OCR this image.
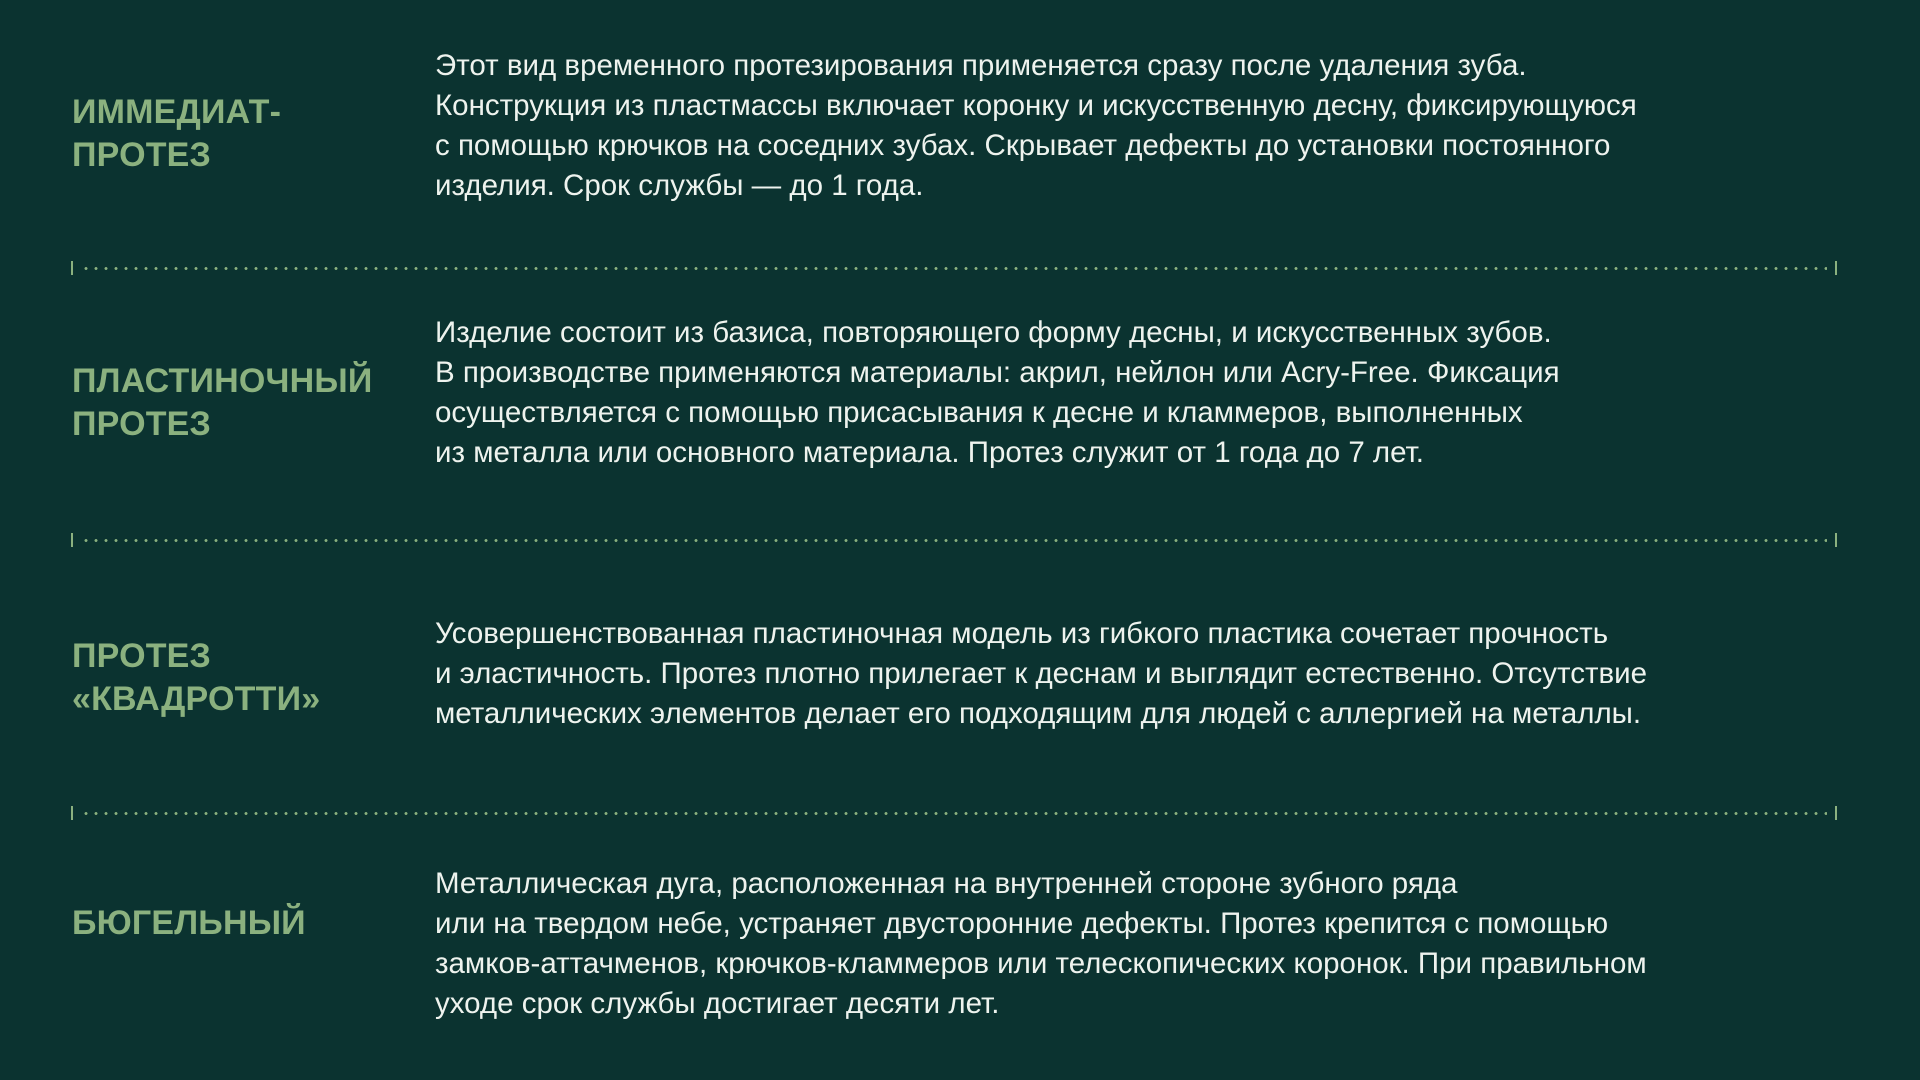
ИММЕДИАТ-
ПРОТЕЗ
Этот вид временного протезирования применяется сразу после удаления зуба.
Конструкция из пластмассы включает коронку и искусственную десну, фиксирующуюся
с помощью крючков на соседних зубах. Скрывает дефекты до установки постоянного
изделия. Срок службы — до 1 года.
ПЛАСТИНОЧНЫЙ
ПРОТЕЗ
Изделие состоит из базиса, повторяющего форму десны, и искусственных зубов.
В производстве применяются материалы: акрил, нейлон или Acry-Free. Фиксация
осуществляется с помощью присасывания к десне и кламмеров, выполненных
из металла или основного материала. Протез служит от 1 года до 7 лет.
ПРОТЕЗ
«КВАДРОТТИ»
Усовершенствованная пластиночная модель из гибкого пластика сочетает прочность
и эластичность. Протез плотно прилегает к деснам и выглядит естественно. Отсутствие
металлических элементов делает его подходящим для людей с аллергией на металлы.
БЮГЕЛЬНЫЙ
Металлическая дуга, расположенная на внутренней стороне зубного ряда
или на твердом небе, устраняет двусторонние дефекты. Протез крепится с помощью
замков-аттачменов, крючков-кламмеров или телескопических коронок. При правильном
уходе срок службы достигает десяти лет.
